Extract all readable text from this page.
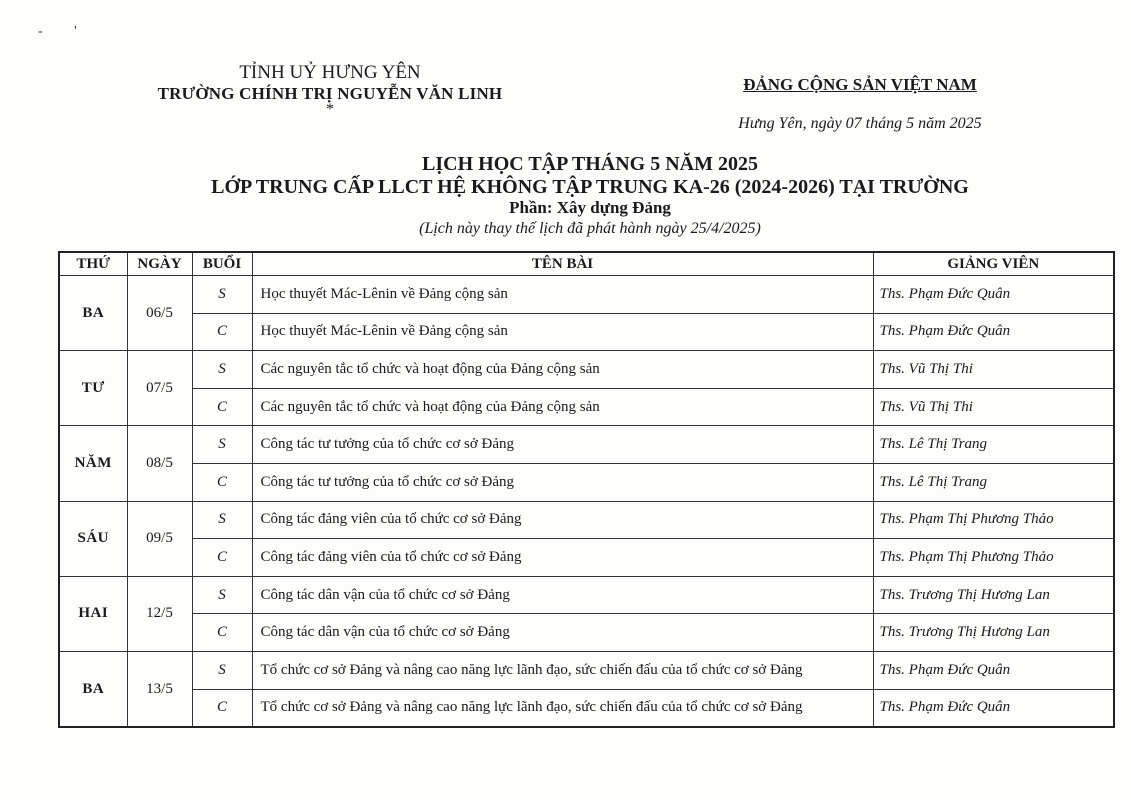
-         '
TỈNH UỶ HƯNG YÊN
TRƯỜNG CHÍNH TRỊ NGUYỄN VĂN LINH
*
ĐẢNG CỘNG SẢN VIỆT NAM
Hưng Yên, ngày 07 tháng 5 năm 2025
LỊCH HỌC TẬP THÁNG 5 NĂM 2025
LỚP TRUNG CẤP LLCT HỆ KHÔNG TẬP TRUNG KA-26 (2024-2026) TẠI TRƯỜNG
Phần: Xây dựng Đảng
(Lịch này thay thế lịch đã phát hành ngày 25/4/2025)
THỨ	NGÀY	BUỔI	TÊN BÀI	GIẢNG VIÊN
BA	06/5	S	Học thuyết Mác-Lênin về Đảng cộng sản	Ths. Phạm Đức Quân
		C	Học thuyết Mác-Lênin về Đảng cộng sản	Ths. Phạm Đức Quân
TƯ	07/5	S	Các nguyên tắc tổ chức và hoạt động của Đảng cộng sản	Ths. Vũ Thị Thi
		C	Các nguyên tắc tổ chức và hoạt động của Đảng cộng sản	Ths. Vũ Thị Thi
NĂM	08/5	S	Công tác tư tưởng của tổ chức cơ sở Đảng	Ths. Lê Thị Trang
		C	Công tác tư tưởng của tổ chức cơ sở Đảng	Ths. Lê Thị Trang
SÁU	09/5	S	Công tác đảng viên của tổ chức cơ sở Đảng	Ths. Phạm Thị Phương Thảo
		C	Công tác đảng viên của tổ chức cơ sở Đảng	Ths. Phạm Thị Phương Thảo
HAI	12/5	S	Công tác dân vận của tổ chức cơ sở Đảng	Ths. Trương Thị Hương Lan
		C	Công tác dân vận của tổ chức cơ sở Đảng	Ths. Trương Thị Hương Lan
BA	13/5	S	Tổ chức cơ sở Đảng và nâng cao năng lực lãnh đạo, sức chiến đấu của tổ chức cơ sở Đảng	Ths. Phạm Đức Quân
		C	Tổ chức cơ sở Đảng và nâng cao năng lực lãnh đạo, sức chiến đấu của tổ chức cơ sở Đảng	Ths. Phạm Đức Quân
